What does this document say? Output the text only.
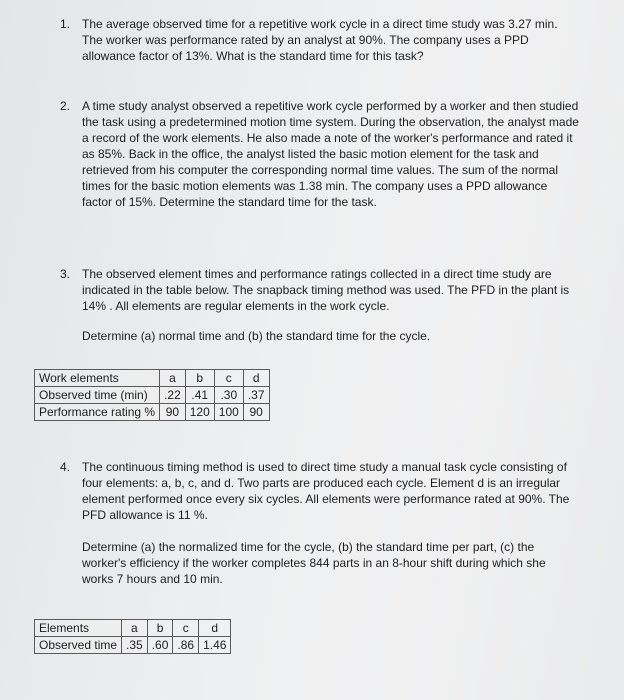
1. The average observed time for a repetitive work cycle in a direct time study was 3.27 min. The worker was performance rated by an analyst at 90%. The company uses a PPD allowance factor of 13%. What is the standard time for this task?
2. A time study analyst observed a repetitive work cycle performed by a worker and then studied the task using a predetermined motion time system. During the observation, the analyst made a record of the work elements. He also made a note of the worker's performance and rated it as 85%. Back in the office, the analyst listed the basic motion element for the task and retrieved from his computer the corresponding normal time values. The sum of the normal times for the basic motion elements was 1.38 min. The company uses a PPD allowance factor of 15%. Determine the standard time for the task.
3. The observed element times and performance ratings collected in a direct time study are indicated in the table below. The snapback timing method was used. The PFD in the plant is 14% . All elements are regular elements in the work cycle.
Determine (a) normal time and (b) the standard time for the cycle.
Work elements	a	b	c	d
Observed time (min)	.22	.41	.30	.37
Performance rating %	90	120	100	90
4. The continuous timing method is used to direct time study a manual task cycle consisting of four elements: a, b, c, and d. Two parts are produced each cycle. Element d is an irregular element performed once every six cycles. All elements were performance rated at 90%. The PFD allowance is 11 %.
Determine (a) the normalized time for the cycle, (b) the standard time per part, (c) the worker's efficiency if the worker completes 844 parts in an 8-hour shift during which she works 7 hours and 10 min.
Elements	a	b	c	d
Observed time	.35	.60	.86	1.46
